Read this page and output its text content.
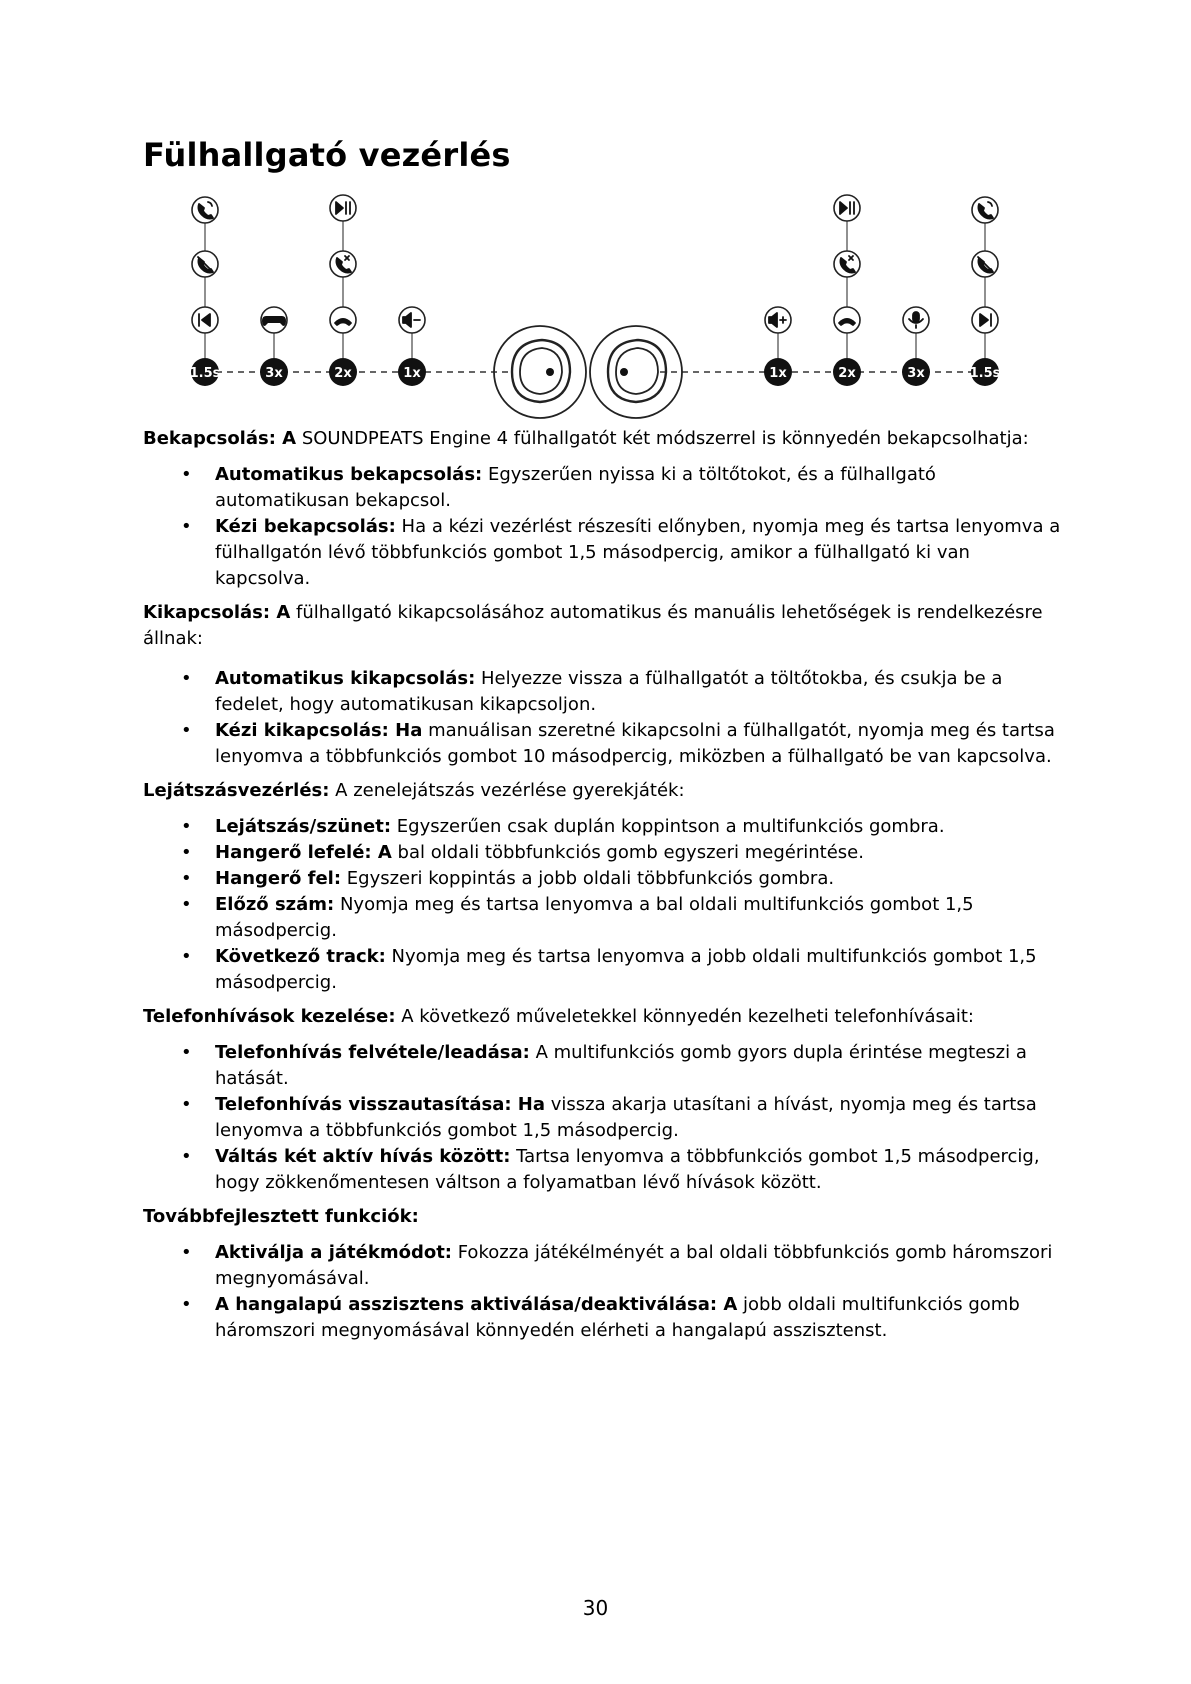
Fülhallgató vezérlés
1.5s	3x	2x	1x	1x	2x	3x	1.5s

Bekapcsolás: A SOUNDPEATS Engine 4 fülhallgatót két módszerrel is könnyedén bekapcsolhatja:

• Automatikus bekapcsolás: Egyszerűen nyissa ki a töltőtokot, és a fülhallgató automatikusan bekapcsol.
• Kézi bekapcsolás: Ha a kézi vezérlést részesíti előnyben, nyomja meg és tartsa lenyomva a fülhallgatón lévő többfunkciós gombot 1,5 másodpercig, amikor a fülhallgató ki van kapcsolva.

Kikapcsolás: A fülhallgató kikapcsolásához automatikus és manuális lehetőségek is rendelkezésre állnak:

• Automatikus kikapcsolás: Helyezze vissza a fülhallgatót a töltőtokba, és csukja be a fedelet, hogy automatikusan kikapcsoljon.
• Kézi kikapcsolás: Ha manuálisan szeretné kikapcsolni a fülhallgatót, nyomja meg és tartsa lenyomva a többfunkciós gombot 10 másodpercig, miközben a fülhallgató be van kapcsolva.

Lejátszásvezérlés: A zenelejátszás vezérlése gyerekjáték:

• Lejátszás/szünet: Egyszerűen csak duplán koppintson a multifunkciós gombra.
• Hangerő lefelé: A bal oldali többfunkciós gomb egyszeri megérintése.
• Hangerő fel: Egyszeri koppintás a jobb oldali többfunkciós gombra.
• Előző szám: Nyomja meg és tartsa lenyomva a bal oldali multifunkciós gombot 1,5 másodpercig.
• Következő track: Nyomja meg és tartsa lenyomva a jobb oldali multifunkciós gombot 1,5 másodpercig.

Telefonhívások kezelése: A következő műveletekkel könnyedén kezelheti telefonhívásait:

• Telefonhívás felvétele/leadása: A multifunkciós gomb gyors dupla érintése megteszi a hatását.
• Telefonhívás visszautasítása: Ha vissza akarja utasítani a hívást, nyomja meg és tartsa lenyomva a többfunkciós gombot 1,5 másodpercig.
• Váltás két aktív hívás között: Tartsa lenyomva a többfunkciós gombot 1,5 másodpercig, hogy zökkenőmentesen váltson a folyamatban lévő hívások között.

Továbbfejlesztett funkciók:

• Aktiválja a játékmódot: Fokozza játékélményét a bal oldali többfunkciós gomb háromszori megnyomásával.
• A hangalapú asszisztens aktiválása/deaktiválása: A jobb oldali multifunkciós gomb háromszori megnyomásával könnyedén elérheti a hangalapú asszisztenst.
30
